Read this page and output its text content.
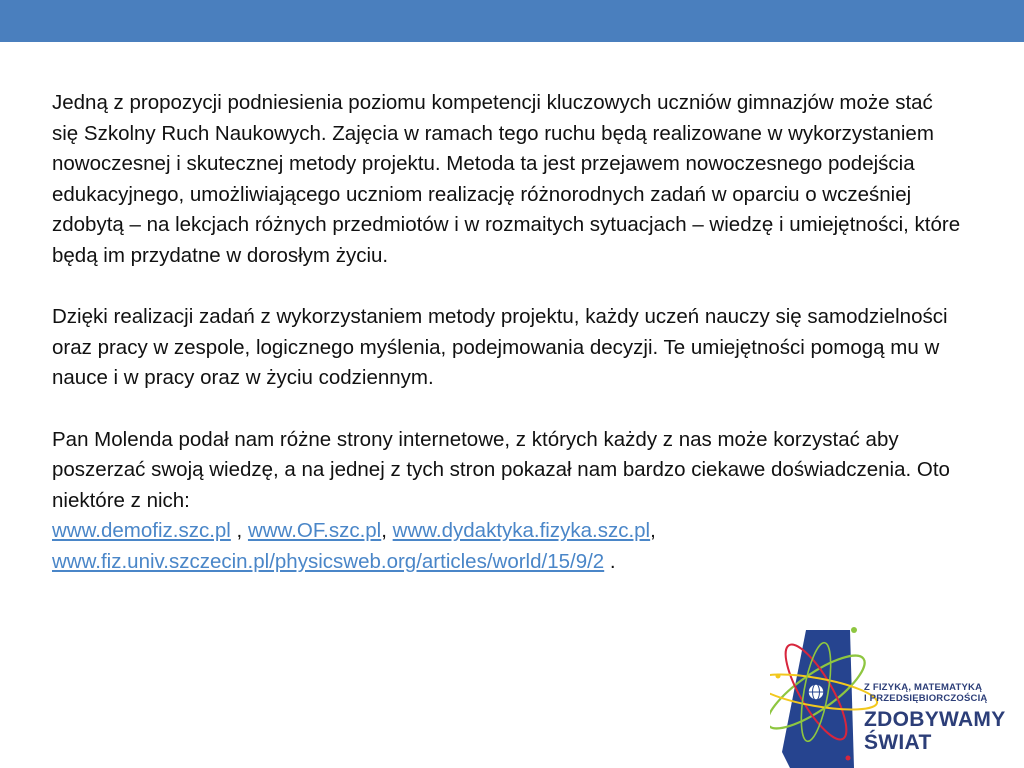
Jedną z propozycji podniesienia poziomu kompetencji kluczowych uczniów gimnazjów może stać się Szkolny Ruch Naukowych. Zajęcia w ramach tego ruchu będą realizowane w wykorzystaniem nowoczesnej i skutecznej metody projektu. Metoda ta jest przejawem nowoczesnego podejścia edukacyjnego, umożliwiającego uczniom realizację różnorodnych zadań w oparciu o wcześniej zdobytą – na lekcjach różnych przedmiotów i w rozmaitych sytuacjach – wiedzę i umiejętności, które będą im przydatne w dorosłym życiu.

Dzięki realizacji zadań z wykorzystaniem metody projektu, każdy uczeń nauczy się samodzielności oraz pracy w zespole, logicznego myślenia, podejmowania decyzji. Te umiejętności pomogą mu w nauce i w pracy oraz w życiu codziennym.

Pan Molenda podał nam różne strony internetowe, z których każdy z nas może korzystać aby poszerzać swoją wiedzę, a na jednej z tych stron pokazał nam bardzo ciekawe doświadczenia. Oto niektóre z nich:
www.demofiz.szc.pl , www.OF.szc.pl, www.dydaktyka.fizyka.szc.pl,
www.fiz.univ.szczecin.pl/physicsweb.org/articles/world/15/9/2 .

Z FIZYKĄ, MATEMATYKĄ
I PRZEDSIĘBIORCZOŚCIĄ
ZDOBYWAMY
ŚWIAT
